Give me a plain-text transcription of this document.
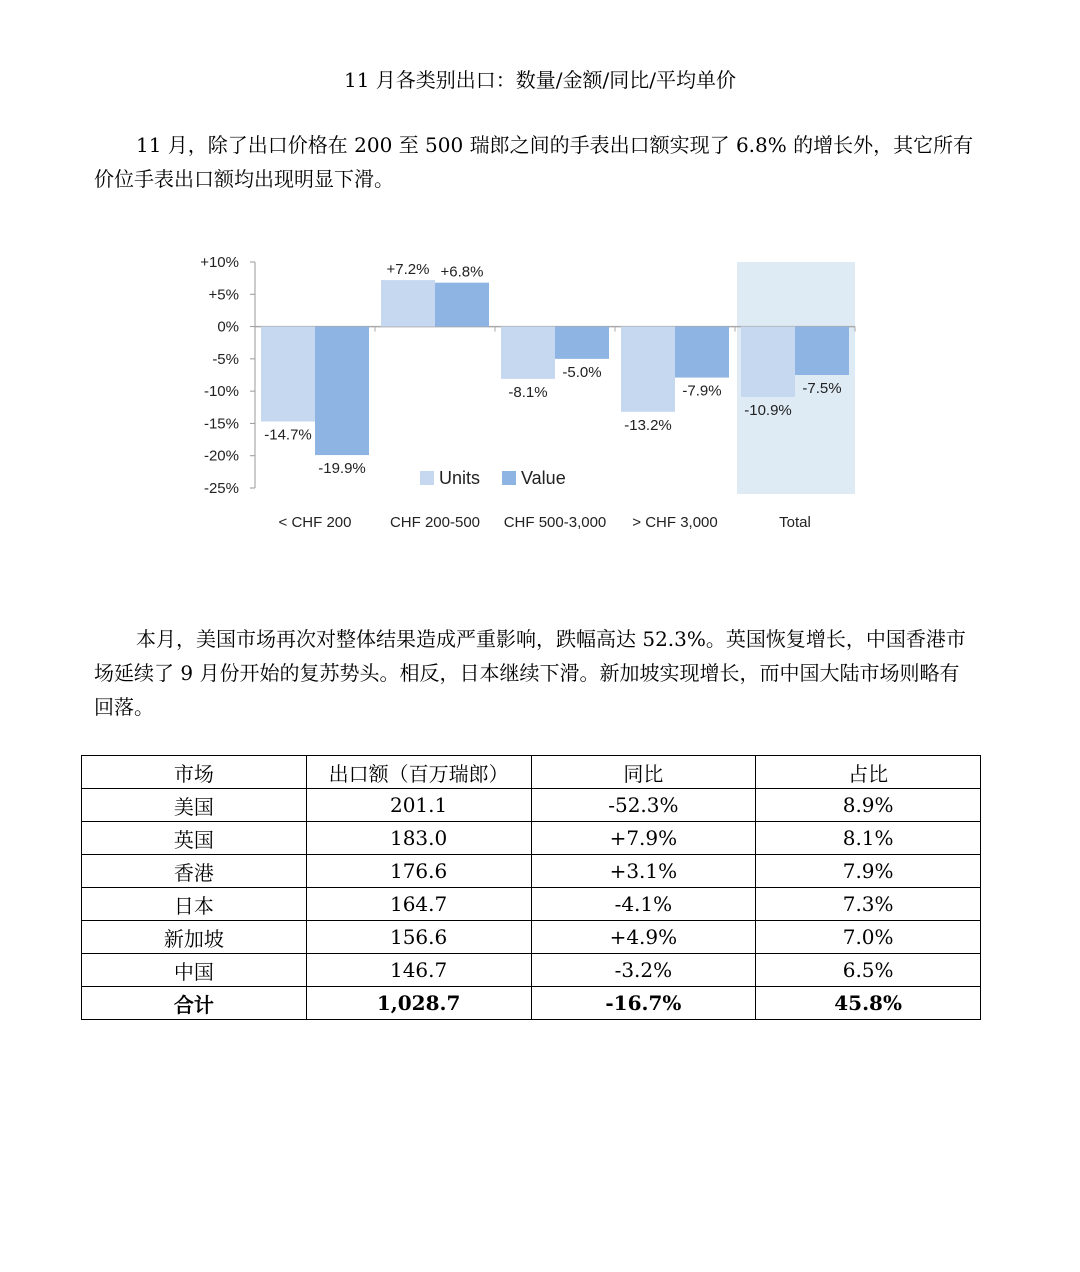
11 月各类别出口：数量/金额/同比/平均单价

11 月，除了出口价格在 200 至 500 瑞郎之间的手表出口额实现了 6.8% 的增长外，其它所有价位手表出口额均出现明显下滑。

-14.7%
-19.9%
+7.2% +6.8%
-8.1%
-5.0%
-13.2%
-7.9%
-10.9%
-7.5%
+10%
+5%
0%
-5%
-10%
-15%
-20%
-25%
< CHF 200	CHF 200-500 CHF 500-3,000 > CHF 3,000	Total
Units Value

本月，美国市场再次对整体结果造成严重影响，跌幅高达 52.3%。英国恢复增长，中国香港市场延续了 9 月份开始的复苏势头。相反，日本继续下滑。新加坡实现增长，而中国大陆市场则略有回落。

市场	出口额（百万瑞郎）	同比	占比
美国	201.1	-52.3%	8.9%
英国	183.0	+7.9%	8.1%
香港	176.6	+3.1%	7.9%
日本	164.7	-4.1%	7.3%
新加坡	156.6	+4.9%	7.0%
中国	146.7	-3.2%	6.5%
合计	1,028.7	-16.7%	45.8%
